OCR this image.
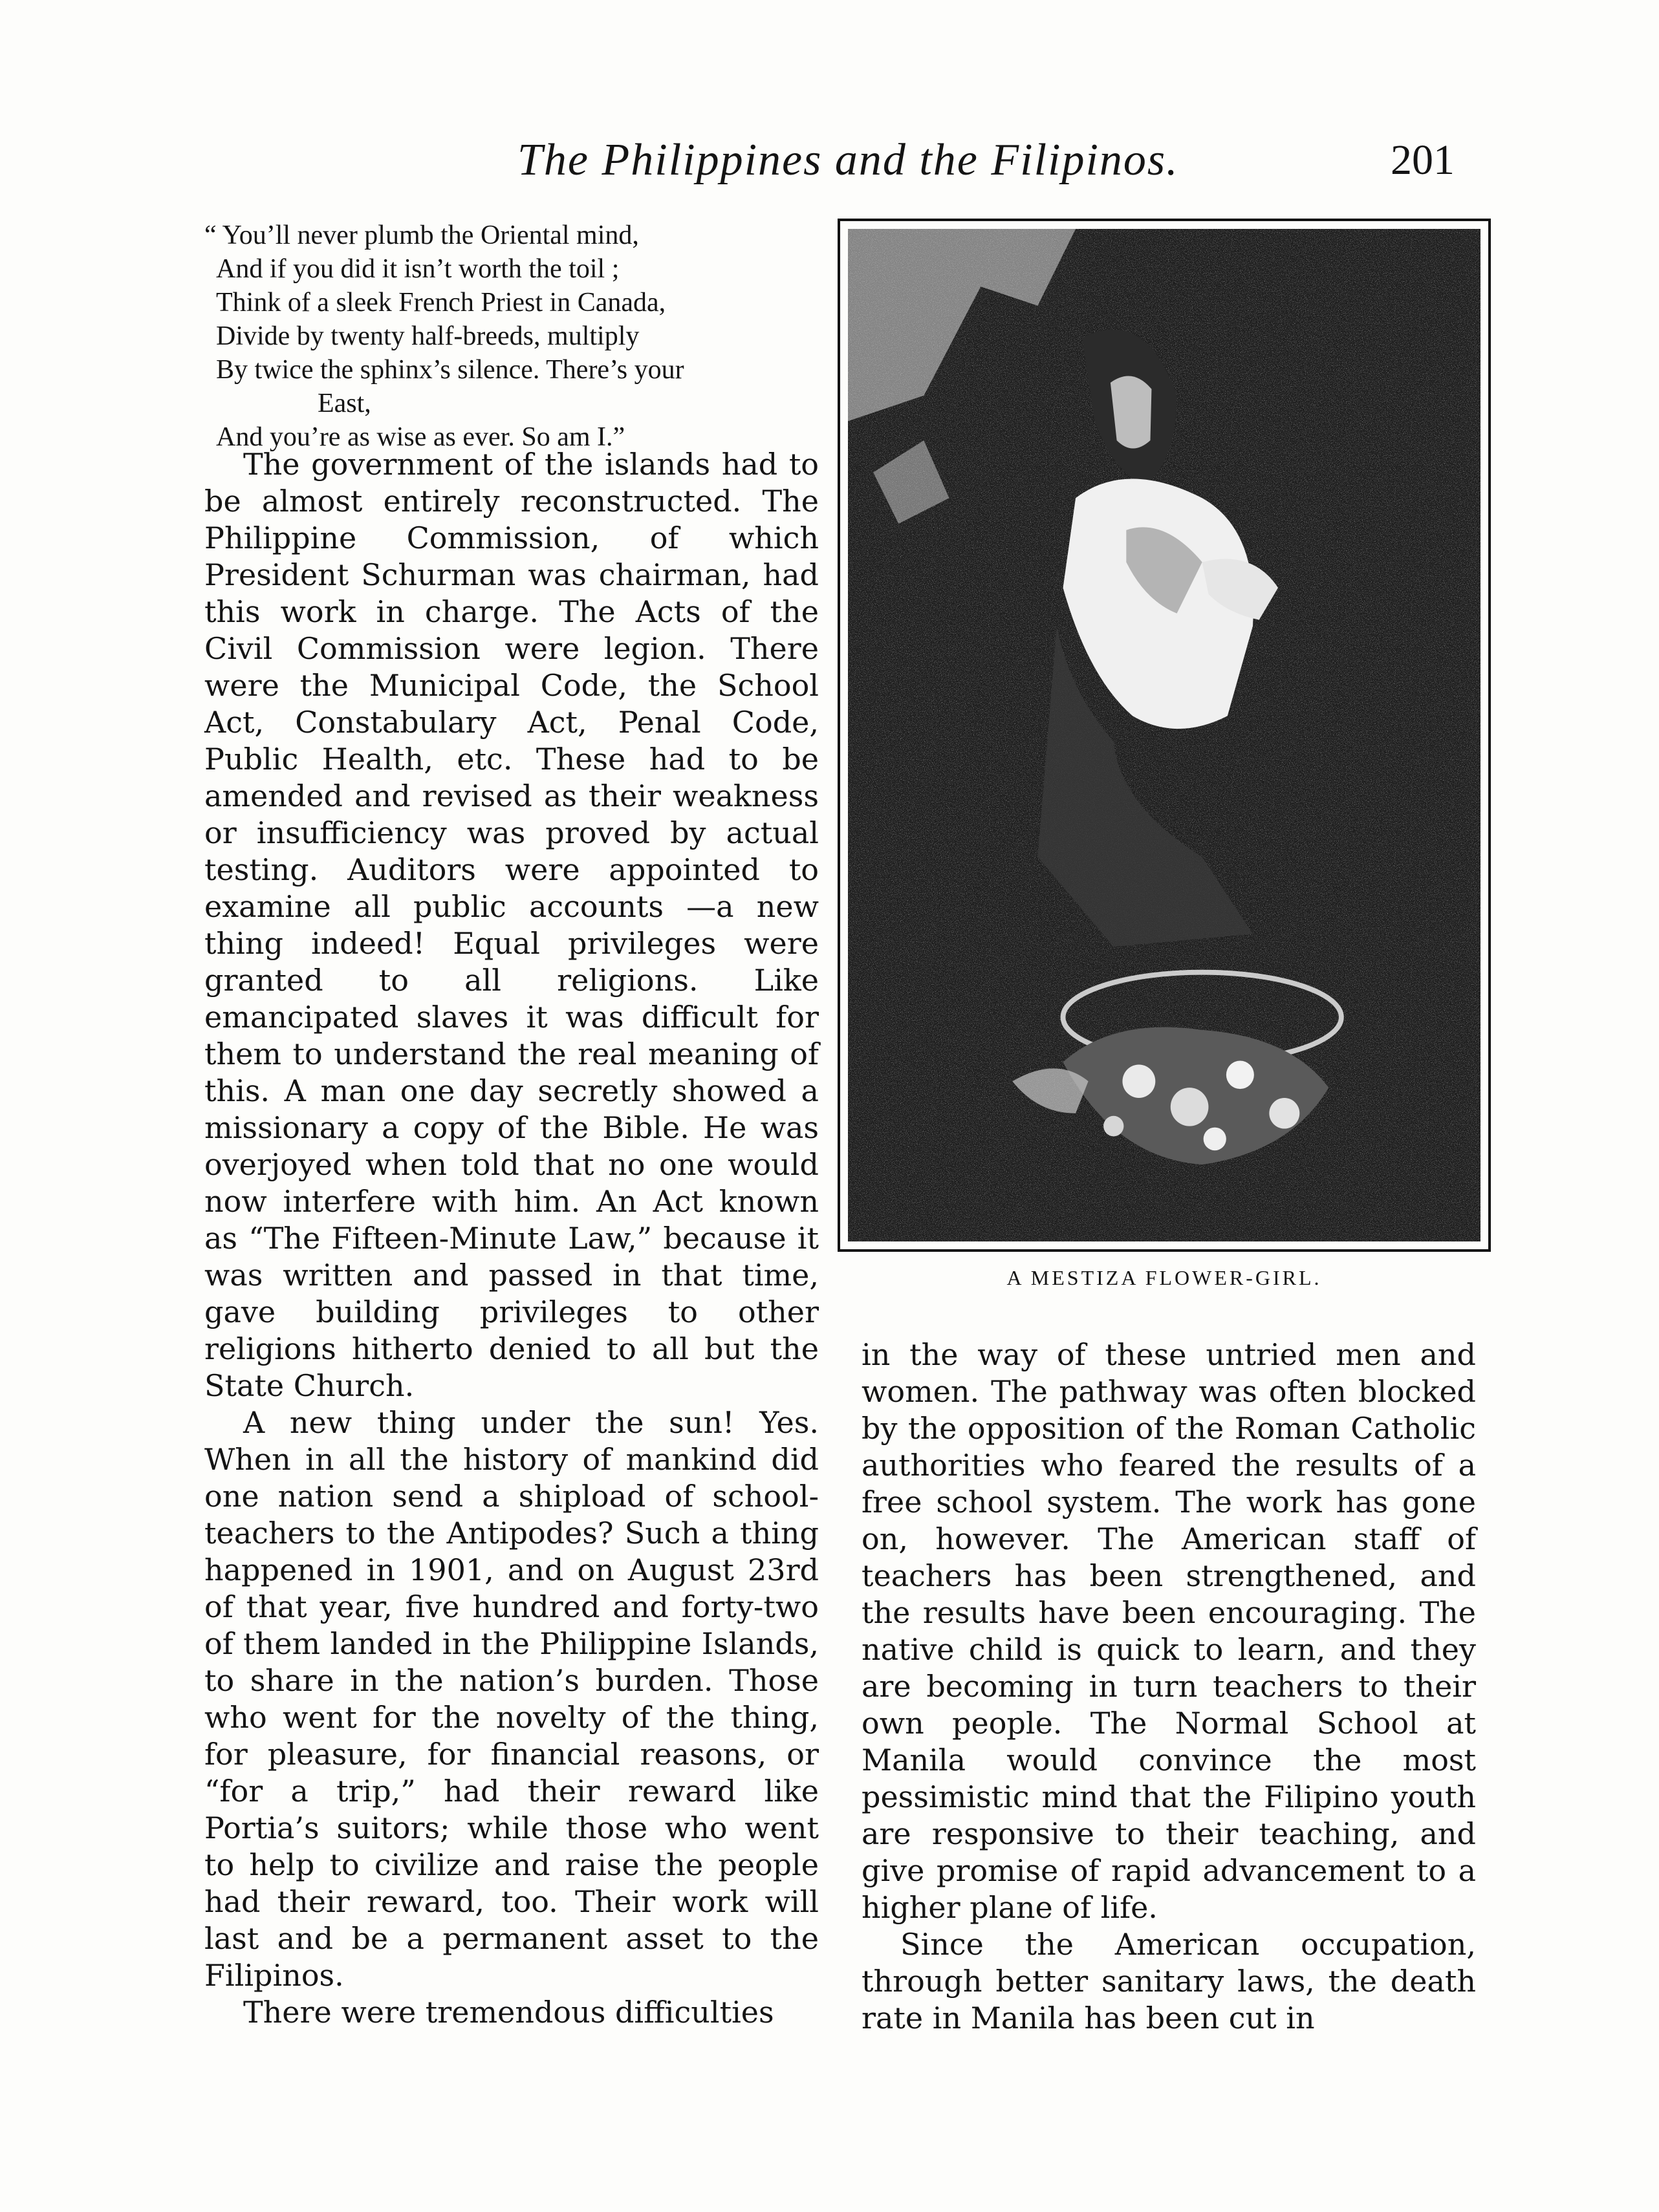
The Philippines and the Filipinos.	201
“ You’ll never plumb the Oriental mind,
And if you did it isn’t worth the toil ;
Think of a sleek French Priest in Canada,
Divide by twenty half-breeds, multiply
By twice the sphinx’s silence. There’s your
East,
And you’re as wise as ever. So am I.”

The government of the islands had to be almost entirely reconstructed. The Philippine Commission, of which President Schurman was chairman, had this work in charge. The Acts of the Civil Commission were legion. There were the Municipal Code, the School Act, Constabulary Act, Penal Code, Public Health, etc. These had to be amended and revised as their weakness or insufficiency was proved by actual testing. Auditors were appointed to examine all public accounts —a new thing indeed! Equal privileges were granted to all religions. Like emancipated slaves it was difficult for them to understand the real meaning of this. A man one day secretly showed a missionary a copy of the Bible. He was overjoyed when told that no one would now interfere with him. An Act known as “The Fifteen-Minute Law,” because it was written and passed in that time, gave building privileges to other religions hitherto denied to all but the State Church.

A new thing under the sun! Yes. When in all the history of mankind did one nation send a shipload of school-teachers to the Antipodes? Such a thing happened in 1901, and on August 23rd of that year, five hundred and forty-two of them landed in the Philippine Islands, to share in the nation’s burden. Those who went for the novelty of the thing, for pleasure, for financial reasons, or “for a trip,” had their reward like Portia’s suitors; while those who went to help to civilize and raise the people had their reward, too. Their work will last and be a permanent asset to the Filipinos.

There were tremendous difficulties

A MESTIZA FLOWER-GIRL.

in the way of these untried men and women. The pathway was often blocked by the opposition of the Roman Catholic authorities who feared the results of a free school system. The work has gone on, however. The American staff of teachers has been strengthened, and the results have been encouraging. The native child is quick to learn, and they are becoming in turn teachers to their own people. The Normal School at Manila would convince the most pessimistic mind that the Filipino youth are responsive to their teaching, and give promise of rapid advancement to a higher plane of life.

Since the American occupation, through better sanitary laws, the death rate in Manila has been cut in
